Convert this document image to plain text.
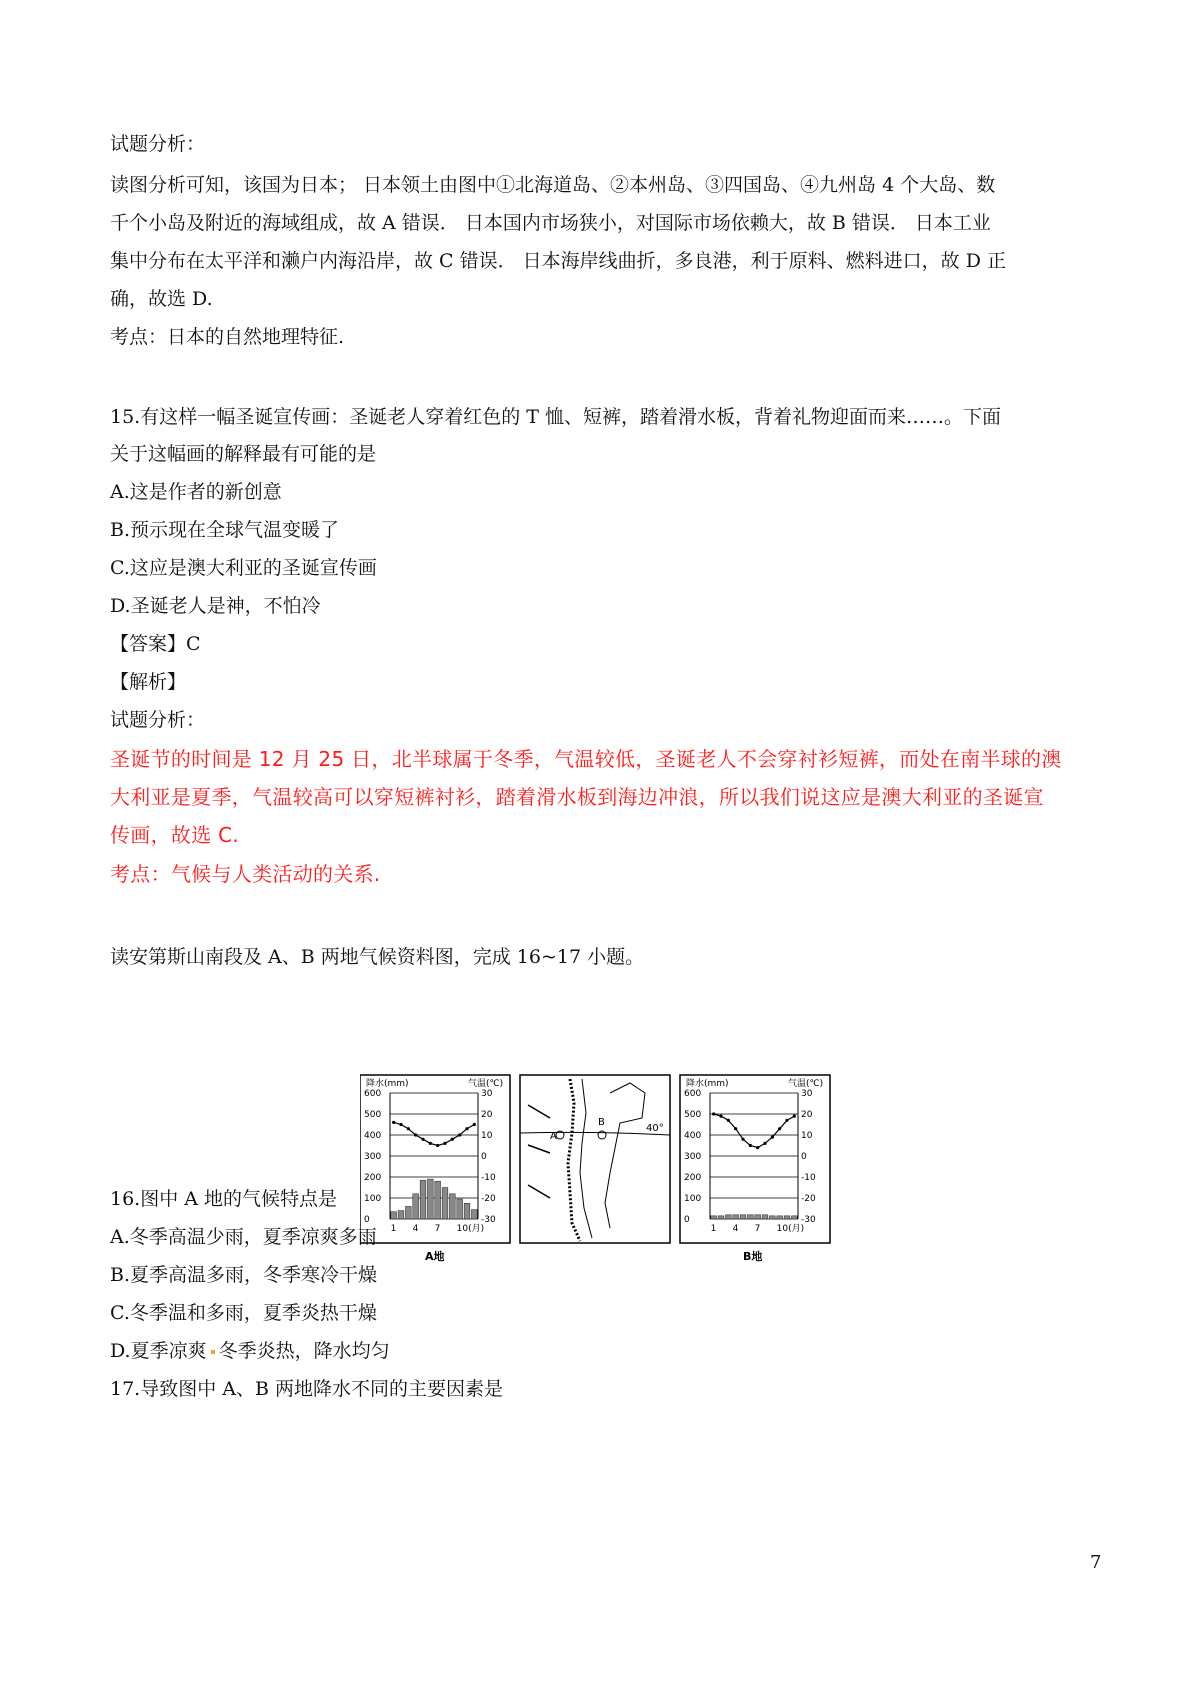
试题分析：
读图分析可知，该国为日本； 日本领土由图中①北海道岛、②本州岛、③四国岛、④九州岛 4 个大岛、数
千个小岛及附近的海域组成，故 A 错误． 日本国内市场狭小，对国际市场依赖大，故 B 错误． 日本工业
集中分布在太平洋和濑户内海沿岸，故 C 错误． 日本海岸线曲折，多良港，利于原料、燃料进口，故 D 正
确，故选 D.
考点：日本的自然地理特征.
15.有这样一幅圣诞宣传画：圣诞老人穿着红色的 T 恤、短裤，踏着滑水板，背着礼物迎面而来……。下面
关于这幅画的解释最有可能的是
A.这是作者的新创意
B.预示现在全球气温变暖了
C.这应是澳大利亚的圣诞宣传画
D.圣诞老人是神，不怕冷
【答案】C
【解析】
试题分析：
圣诞节的时间是 12 月 25 日，北半球属于冬季，气温较低，圣诞老人不会穿衬衫短裤，而处在南半球的澳
大利亚是夏季，气温较高可以穿短裤衬衫，踏着滑水板到海边冲浪，所以我们说这应是澳大利亚的圣诞宣
传画，故选 C.
考点：气候与人类活动的关系.
读安第斯山南段及 A、B 两地气候资料图，完成 16~17 小题。
降水(mm)	气温(℃)
600	30
500	20
400	10
300	0
200	-10
100	-20
0	-30
1 4 7 10(月)
A地
A
B
40°
降水(mm)	气温(℃)
600	30
500	20
400	10
300	0
200	-10
100	-20
0	-30
1 4 7 10(月)
B地
16.图中 A 地的气候特点是
A.冬季高温少雨，夏季凉爽多雨
B.夏季高温多雨，冬季寒冷干燥
C.冬季温和多雨，夏季炎热干燥
D.夏季凉爽 冬季炎热，降水均匀
17.导致图中 A、B 两地降水不同的主要因素是
7
